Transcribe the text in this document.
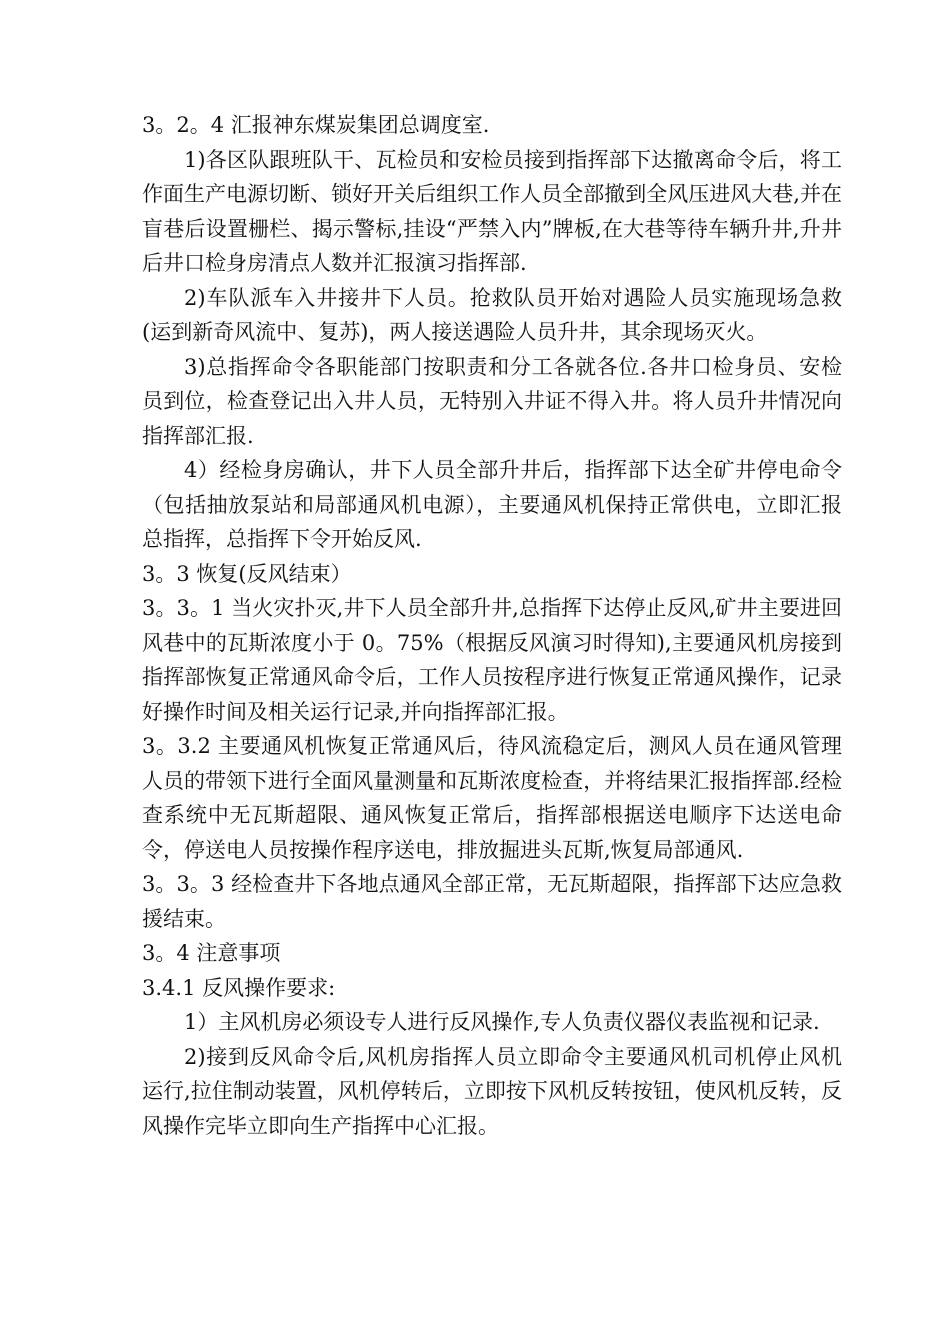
3。2。4 汇报神东煤炭集团总调度室.

1)各区队跟班队干、瓦检员和安检员接到指挥部下达撤离命令后，将工作面生产电源切断、锁好开关后组织工作人员全部撤到全风压进风大巷,并在盲巷后设置栅栏、揭示警标,挂设“严禁入内”牌板,在大巷等待车辆升井,升井后井口检身房清点人数并汇报演习指挥部.

2)车队派车入井接井下人员。抢救队员开始对遇险人员实施现场急救(运到新奇风流中、复苏)，两人接送遇险人员升井，其余现场灭火。

3)总指挥命令各职能部门按职责和分工各就各位.各井口检身员、安检员到位，检查登记出入井人员，无特别入井证不得入井。将人员升井情况向指挥部汇报.

4）经检身房确认，井下人员全部升井后，指挥部下达全矿井停电命令（包括抽放泵站和局部通风机电源），主要通风机保持正常供电，立即汇报总指挥，总指挥下令开始反风.

3。3 恢复(反风结束）

3。3。1 当火灾扑灭,井下人员全部升井,总指挥下达停止反风,矿井主要进回风巷中的瓦斯浓度小于 0。75%（根据反风演习时得知),主要通风机房接到指挥部恢复正常通风命令后，工作人员按程序进行恢复正常通风操作，记录好操作时间及相关运行记录,并向指挥部汇报。

3。3.2 主要通风机恢复正常通风后，待风流稳定后，测风人员在通风管理人员的带领下进行全面风量测量和瓦斯浓度检查，并将结果汇报指挥部.经检查系统中无瓦斯超限、通风恢复正常后，指挥部根据送电顺序下达送电命令，停送电人员按操作程序送电，排放掘进头瓦斯,恢复局部通风.

3。3。3 经检查井下各地点通风全部正常，无瓦斯超限，指挥部下达应急救援结束。

3。4 注意事项

3.4.1 反风操作要求:

1）主风机房必须设专人进行反风操作,专人负责仪器仪表监视和记录.

2)接到反风命令后,风机房指挥人员立即命令主要通风机司机停止风机运行,拉住制动装置，风机停转后，立即按下风机反转按钮，使风机反转，反风操作完毕立即向生产指挥中心汇报。
